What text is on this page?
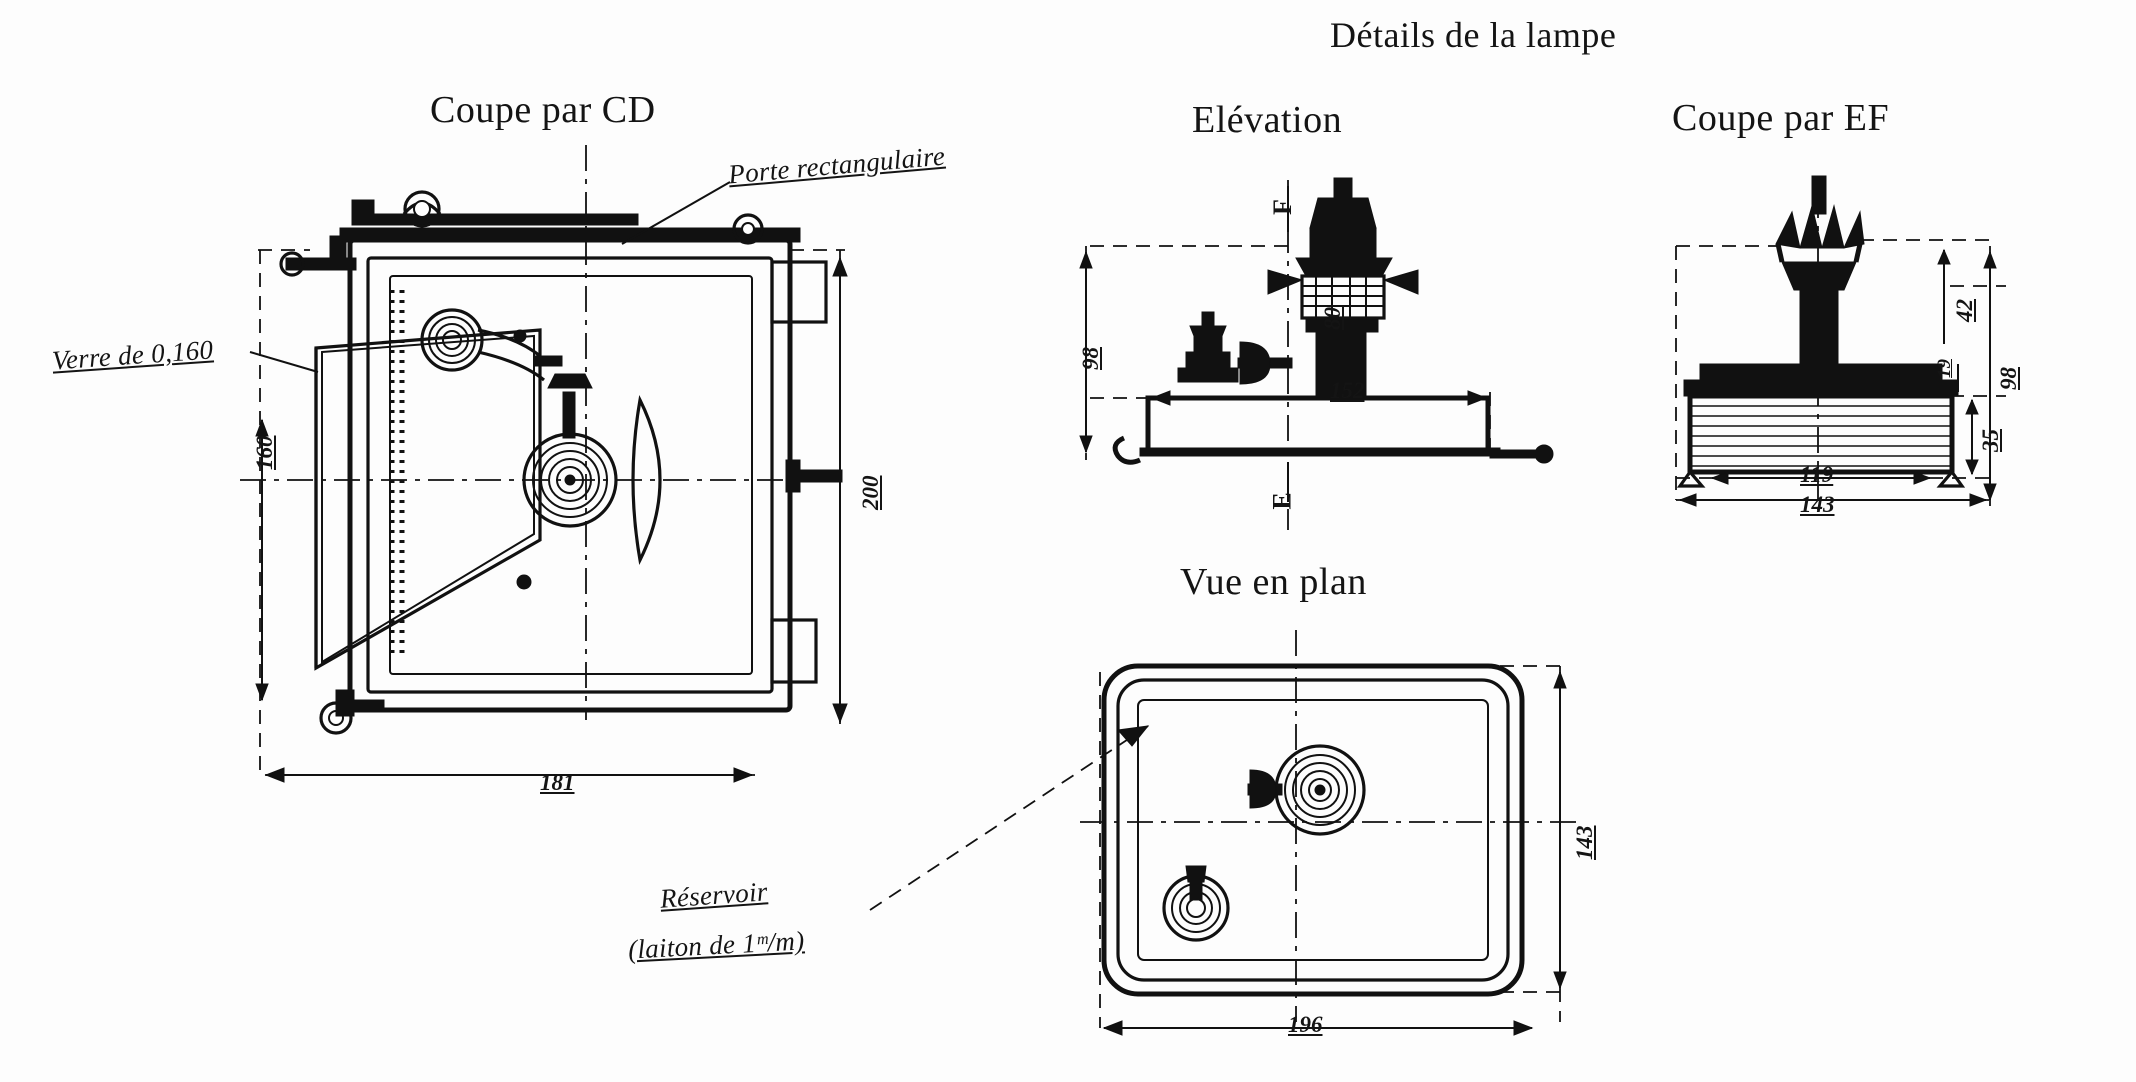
Coupe par CD
Porte rectangulaire
Verre de 0,160
160
200
181
Détails de la lampe
Elévation
F
E
98
80
152
Coupe par EF
98
42
19
35
119
143
Vue en plan
196
143
Réservoir
(laiton de 1ᵐ/m)
